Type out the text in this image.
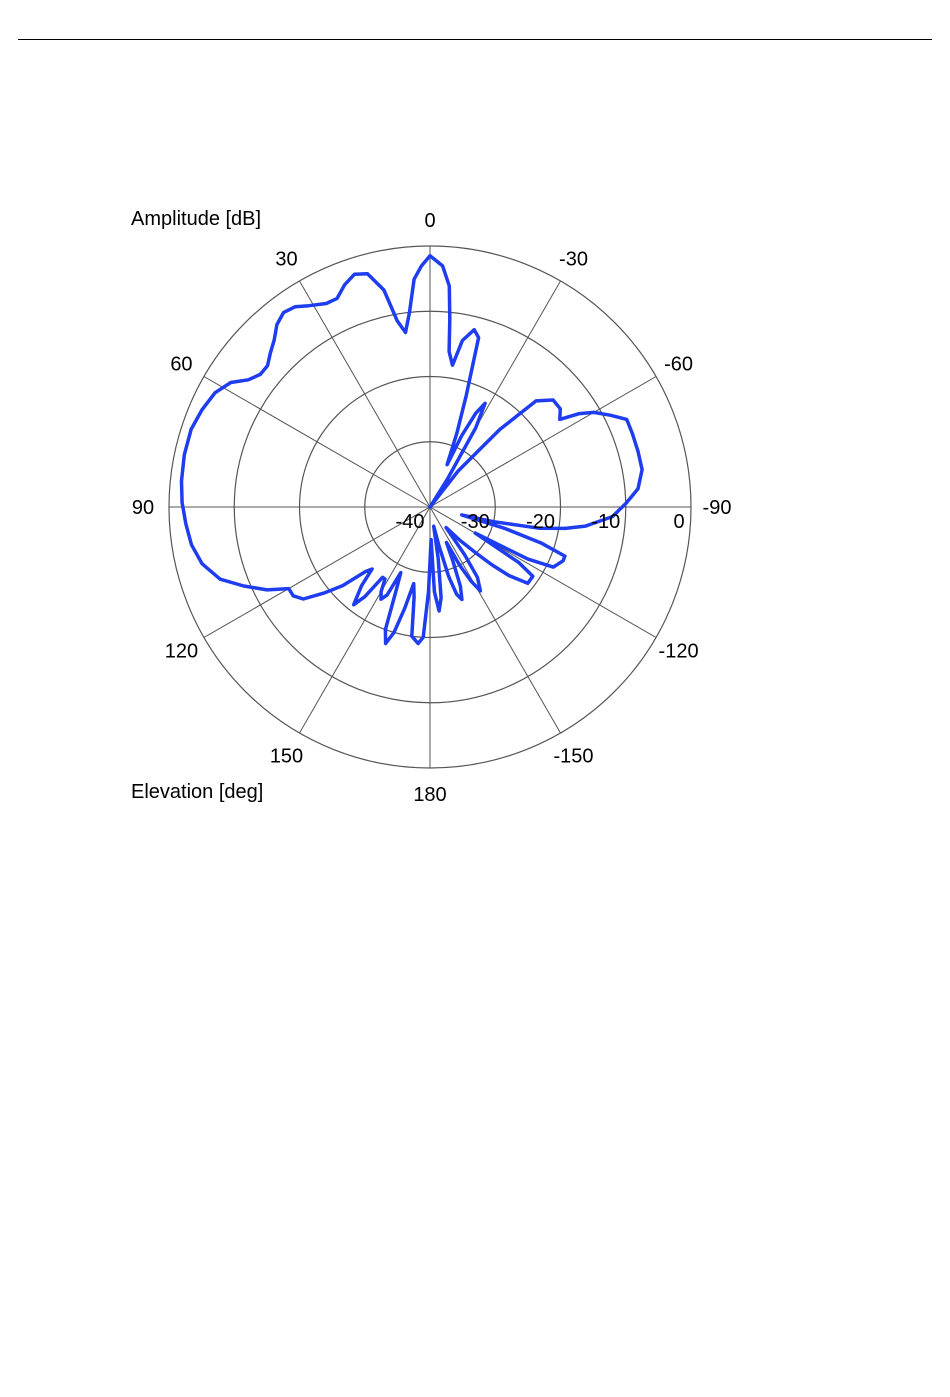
0
-30
-60
-90
-120
-150
180
150
120
90
60
30
-40 -30 -20 -10	0
Amplitude [dB]
Elevation [deg]
